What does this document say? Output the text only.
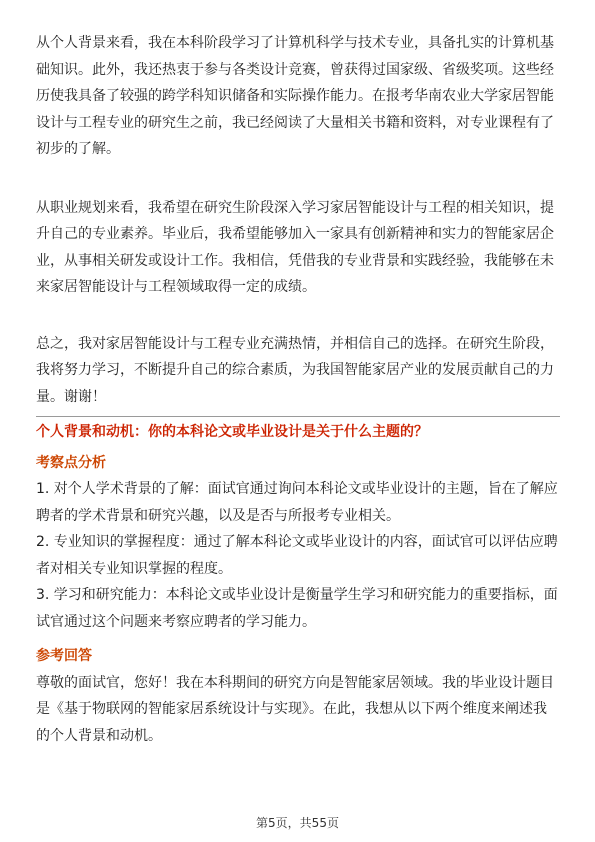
从个人背景来看，我在本科阶段学习了计算机科学与技术专业，具备扎实的计算机基础知识。此外，我还热衷于参与各类设计竞赛，曾获得过国家级、省级奖项。这些经历使我具备了较强的跨学科知识储备和实际操作能力。在报考华南农业大学家居智能设计与工程专业的研究生之前，我已经阅读了大量相关书籍和资料，对专业课程有了初步的了解。

从职业规划来看，我希望在研究生阶段深入学习家居智能设计与工程的相关知识，提升自己的专业素养。毕业后，我希望能够加入一家具有创新精神和实力的智能家居企业，从事相关研发或设计工作。我相信，凭借我的专业背景和实践经验，我能够在未来家居智能设计与工程领域取得一定的成绩。

总之，我对家居智能设计与工程专业充满热情，并相信自己的选择。在研究生阶段，我将努力学习，不断提升自己的综合素质，为我国智能家居产业的发展贡献自己的力量。谢谢！

个人背景和动机：你的本科论文或毕业设计是关于什么主题的？

考察点分析

1. 对个人学术背景的了解：面试官通过询问本科论文或毕业设计的主题，旨在了解应聘者的学术背景和研究兴趣，以及是否与所报考专业相关。

2. 专业知识的掌握程度：通过了解本科论文或毕业设计的内容，面试官可以评估应聘者对相关专业知识掌握的程度。

3. 学习和研究能力：本科论文或毕业设计是衡量学生学习和研究能力的重要指标，面试官通过这个问题来考察应聘者的学习能力。

参考回答

尊敬的面试官，您好！我在本科期间的研究方向是智能家居领域。我的毕业设计题目是《基于物联网的智能家居系统设计与实现》。在此，我想从以下两个维度来阐述我的个人背景和动机。

第5页，共55页
